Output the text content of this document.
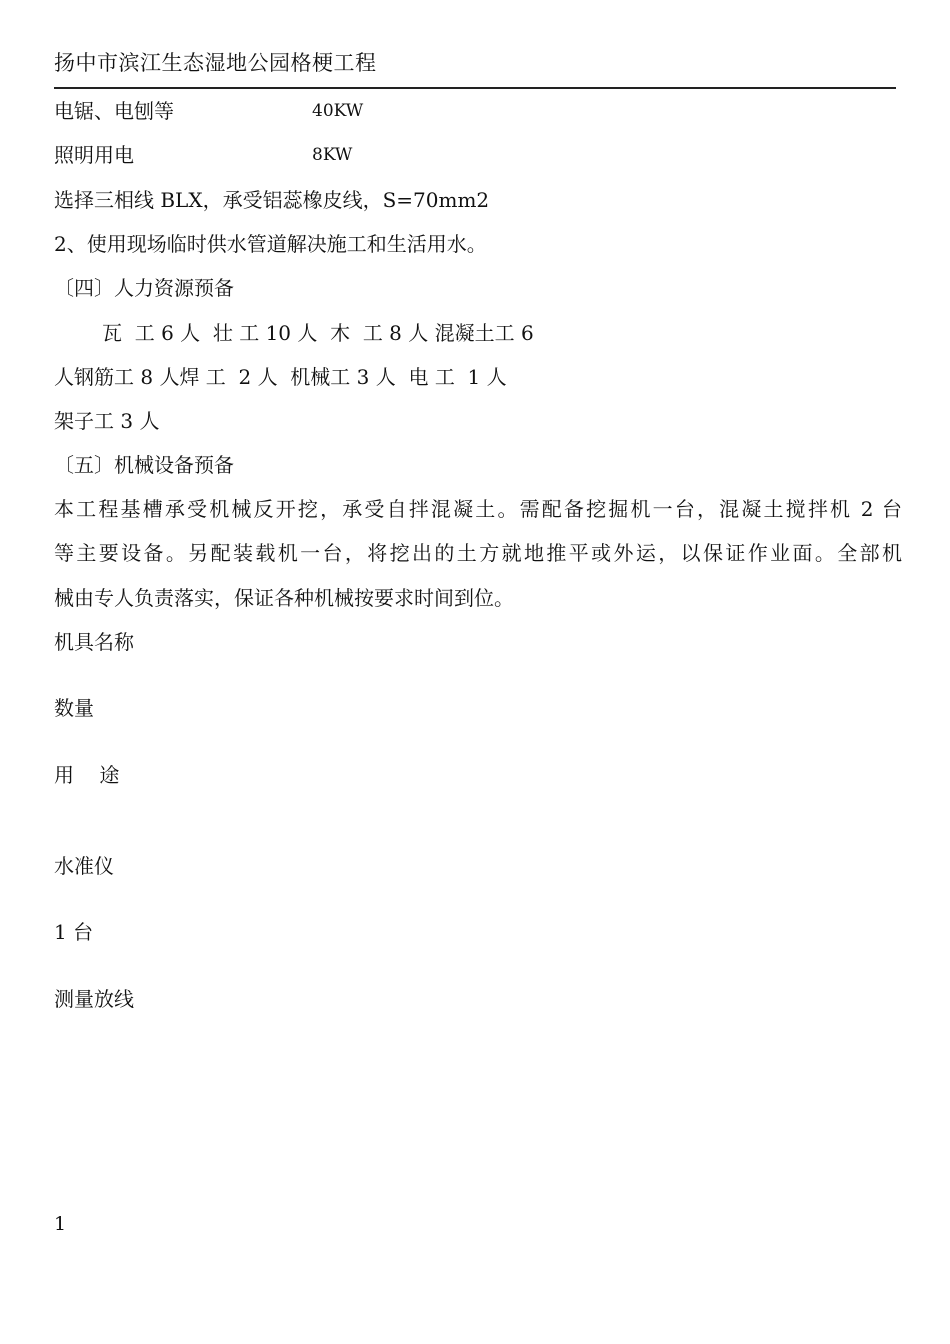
扬中市滨江生态湿地公园格梗工程
电锯、电刨等	40KW
照明用电	8KW
选择三相线 BLX，承受铝蕊橡皮线，S=70mm2
2、使用现场临时供水管道解决施工和生活用水。
〔四〕人力资源预备
瓦  工 6 人  壮 工 10 人  木  工 8 人 混凝土工 6
人钢筋工 8 人焊 工  2 人  机械工 3 人  电 工  1 人
架子工 3 人
〔五〕机械设备预备
本工程基槽承受机械反开挖，承受自拌混凝土。需配备挖掘机一台，混凝土搅拌机 2 台
等主要设备。另配装载机一台，将挖出的土方就地推平或外运，以保证作业面。全部机
械由专人负责落实，保证各种机械按要求时间到位。
机具名称
数量
用    途
水准仪
1 台
测量放线
1
